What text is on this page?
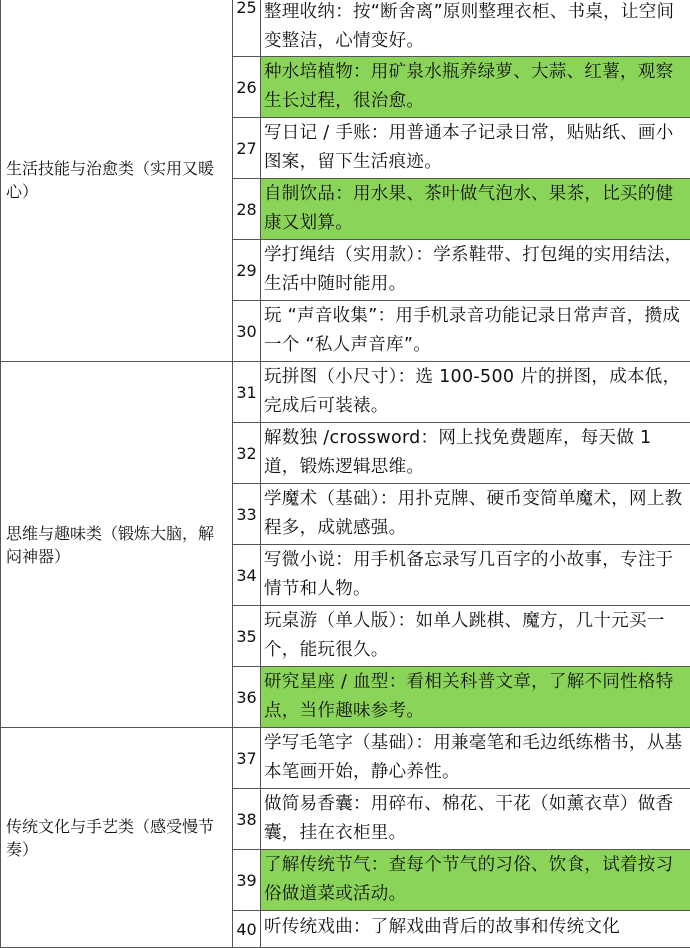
生活技能与治愈类（实用又暖心）	25	整理收纳：按“断舍离”原则整理衣柜、书桌，让空间变整洁，心情变好。
	26	种水培植物：用矿泉水瓶养绿萝、大蒜、红薯，观察生长过程，很治愈。
	27	写日记 / 手账：用普通本子记录日常，贴贴纸、画小图案，留下生活痕迹。
	28	自制饮品：用水果、茶叶做气泡水、果茶，比买的健康又划算。
	29	学打绳结（实用款）：学系鞋带、打包绳的实用结法，生活中随时能用。
	30	玩 “声音收集”：用手机录音功能记录日常声音，攒成一个 “私人声音库”。

思维与趣味类（锻炼大脑，解闷神器）	31	玩拼图（小尺寸）：选 100-500 片的拼图，成本低，完成后可装裱。
	32	解数独 /crossword：网上找免费题库，每天做 1 道，锻炼逻辑思维。
	33	学魔术（基础）：用扑克牌、硬币变简单魔术，网上教程多，成就感强。
	34	写微小说：用手机备忘录写几百字的小故事，专注于情节和人物。
	35	玩桌游（单人版）：如单人跳棋、魔方，几十元买一个，能玩很久。
	36	研究星座 / 血型：看相关科普文章，了解不同性格特点，当作趣味参考。

传统文化与手艺类（感受慢节奏）	37	学写毛笔字（基础）：用兼毫笔和毛边纸练楷书，从基本笔画开始，静心养性。
	38	做简易香囊：用碎布、棉花、干花（如薰衣草）做香囊，挂在衣柜里。
	39	了解传统节气：查每个节气的习俗、饮食，试着按习俗做道菜或活动。
	40	听传统戏曲：了解戏曲背后的故事和传统文化
